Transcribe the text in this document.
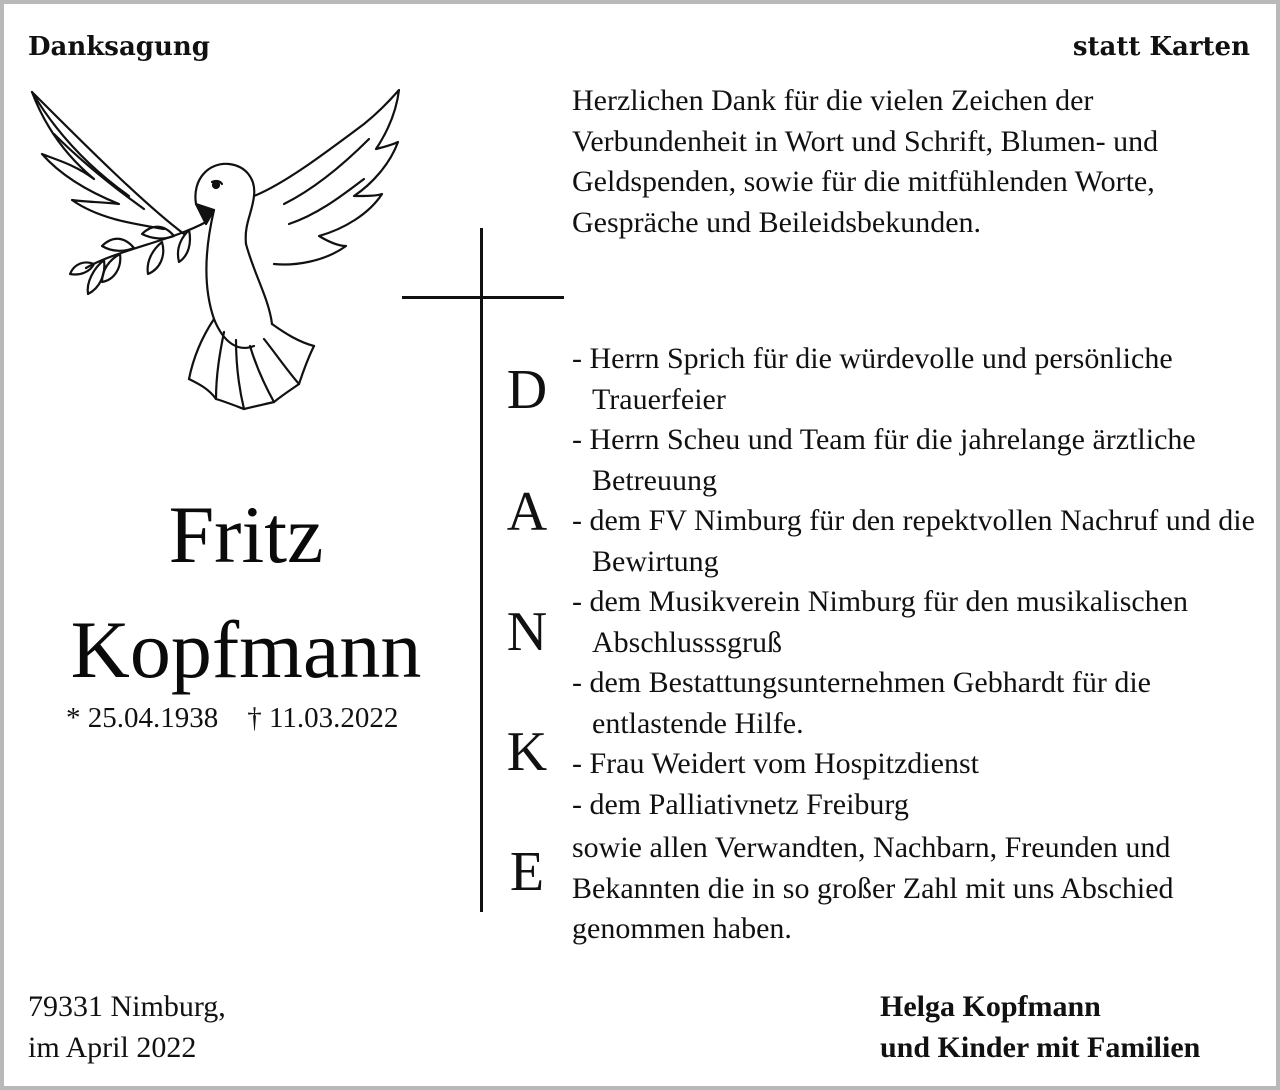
Danksagung	statt Karten
Fritz
Kopfmann
* 25.04.1938    † 11.03.2022
D
A
N
K
E
Herzlichen Dank für die vielen Zeichen der Verbundenheit in Wort und Schrift, Blumen- und Geldspenden, sowie für die mitfühlenden Worte, Gespräche und Beileidsbekunden.
- Herrn Sprich für die würdevolle und persönliche Trauerfeier
- Herrn Scheu und Team für die jahrelange ärztliche Betreuung
- dem FV Nimburg für den repektvollen Nachruf und die Bewirtung
- dem Musikverein Nimburg für den musikalischen Abschlusssgruß
- dem Bestattungsunternehmen Gebhardt für die entlastende Hilfe.
- Frau Weidert vom Hospitzdienst
- dem Palliativnetz Freiburg
sowie allen Verwandten, Nachbarn, Freunden und Bekannten die in so großer Zahl mit uns Abschied genommen haben.
79331 Nimburg,
im April 2022
Helga Kopfmann
und Kinder mit Familien
